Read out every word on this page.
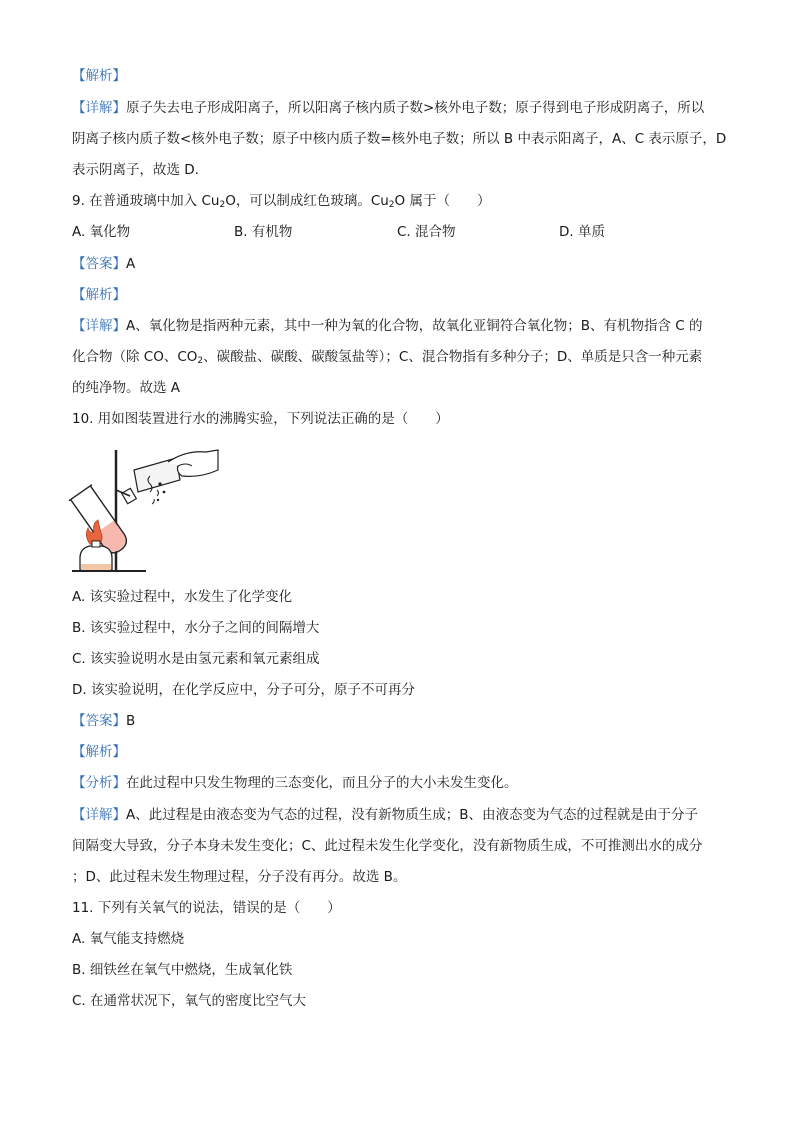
【解析】
【详解】原子失去电子形成阳离子，所以阳离子核内质子数>核外电子数；原子得到电子形成阴离子，所以
阴离子核内质子数<核外电子数；原子中核内质子数=核外电子数；所以 B 中表示阳离子，A、C 表示原子，D
表示阴离子，故选 D.
9. 在普通玻璃中加入 $Cu_2O$，可以制成红色玻璃。$Cu_2O$ 属于（　　）
A. 氧化物	B. 有机物	C. 混合物	D. 单质
【答案】A
【解析】
【详解】A、氧化物是指两种元素，其中一种为氧的化合物，故氧化亚铜符合氧化物；B、有机物指含 C 的
化合物（除 CO、$CO_2$、碳酸盐、碳酸、碳酸氢盐等）；C、混合物指有多种分子；D、单质是只含一种元素
的纯净物。故选 A
10. 用如图装置进行水的沸腾实验，下列说法正确的是（　　）
A. 该实验过程中，水发生了化学变化
B. 该实验过程中，水分子之间的间隔增大
C. 该实验说明水是由氢元素和氧元素组成
D. 该实验说明，在化学反应中，分子可分，原子不可再分
【答案】B
【解析】
【分析】在此过程中只发生物理的三态变化，而且分子的大小未发生变化。
【详解】A、此过程是由液态变为气态的过程，没有新物质生成；B、由液态变为气态的过程就是由于分子
间隔变大导致，分子本身未发生变化；C、此过程未发生化学变化，没有新物质生成，不可推测出水的成分
；D、此过程未发生物理过程，分子没有再分。故选 B。
11. 下列有关氧气的说法，错误的是（　　）
A. 氧气能支持燃烧
B. 细铁丝在氧气中燃烧，生成氧化铁
C. 在通常状况下，氧气的密度比空气大
